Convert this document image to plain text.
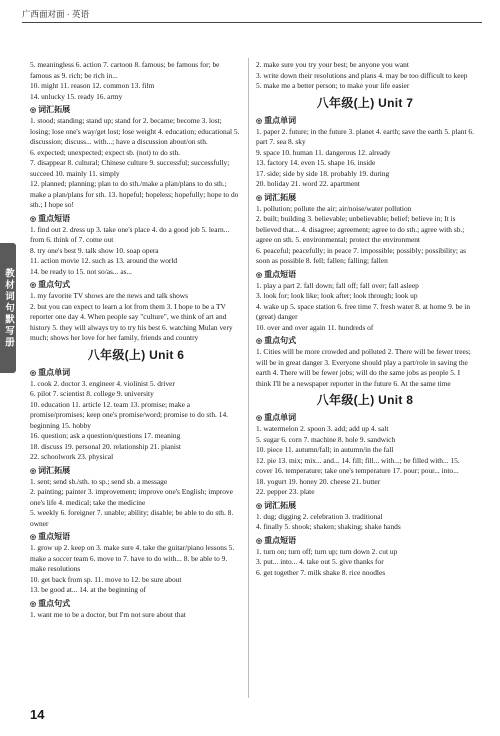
广西面对面 · 英语
教材词句默写册
5. meaningless 6. action 7. cartoon 8. famous; be famous for; be famous as 9. rich; be rich in...
10. might 11. reason 12. common 13. film
14. unlucky 15. ready 16. army
◎ 词汇拓展
1. stood; standing; stand up; stand for 2. became; become 3. lost; losing; lose one's way/get lost; lose weight 4. education; educational 5. discussion; discuss... with...; have a discussion about/on sth.
6. expected; unexpected; expect sb. (not) to do sth.
7. disappear 8. cultural; Chinese culture 9. successful; successfully; succeed 10. mainly 11. simply
12. planned; planning; plan to do sth./make a plan/plans to do sth.; make a plan/plans for sth. 13. hopeful; hopeless; hopefully; hope to do sth.; I hope so!
◎ 重点短语
1. find out 2. dress up 3. take one's place 4. do a good job 5. learn... from 6. think of 7. come out
8. try one's best 9. talk show 10. soap opera
11. action movie 12. such as 13. around the world
14. be ready to 15. not so/as... as...
◎ 重点句式
1. my favorite TV shows are the news and talk shows
2. but you can expect to learn a lot from them 3. I hope to be a TV reporter one day 4. When people say "culture", we think of art and history 5. they will always try to try his best 6. watching Mulan very much; shows her love for her family, friends and country
八年级(上) Unit 6
◎ 重点单词
1. cook 2. doctor 3. engineer 4. violinist 5. driver
6. pilot 7. scientist 8. college 9. university
10. education 11. article 12. team 13. promise; make a promise/promises; keep one's promise/word; promise to do sth. 14. beginning 15. hobby
16. question; ask a question/questions 17. meaning
18. discuss 19. personal 20. relationship 21. pianist
22. schoolwork 23. physical
◎ 词汇拓展
1. sent; send sb./sth. to sp.; send sb. a message
2. painting; painter 3. improvement; improve one's English; improve one's life 4. medical; take the medicine
5. weekly 6. foreigner 7. unable; ability; disable; be able to do sth. 8. owner
◎ 重点短语
1. grow up 2. keep on 3. make sure 4. take the guitar/piano lessons 5. make a soccer team 6. move to 7. have to do with... 8. be able to 9. make resolutions
10. get back from sp. 11. move to 12. be sure about
13. be good at... 14. at the beginning of
◎ 重点句式
1. want me to be a doctor, but I'm not sure about that
2. make sure you try your best; be anyone you want
3. write down their resolutions and plans 4. may be too difficult to keep 5. make me a better person; to make your life easier
八年级(上) Unit 7
◎ 重点单词
1. paper 2. future; in the future 3. planet 4. earth; save the earth 5. plant 6. part 7. sea 8. sky
9. space 10. human 11. dangerous 12. already
13. factory 14. even 15. shape 16. inside
17. side; side by side 18. probably 19. during
20. holiday 21. word 22. apartment
◎ 词汇拓展
1. pollution; pollute the air; air/noise/water pollution
2. built; building 3. believable; unbelievable; belief; believe in; It is believed that... 4. disagree; agreement; agree to do sth.; agree with sb.; agree on sth. 5. environmental; protect the environment
6. peaceful; peacefully; in peace 7. impossible; possibly; possibility; as soon as possible 8. fell; fallen; falling; fallen
◎ 重点短语
1. play a part 2. fall down; fall off; fall over; fall asleep
3. look for; look like; look after; look through; look up
4. wake up 5. space station 6. free time 7. fresh water 8. at home 9. be in (great) danger
10. over and over again 11. hundreds of
◎ 重点句式
1. Cities will be more crowded and polluted 2. There will be fewer trees; will be in great danger 3. Everyone should play a part/role in saving the earth 4. There will be fewer jobs; will do the same jobs as people 5. I think I'll be a newspaper reporter in the future 6. At the same time
八年级(上) Unit 8
◎ 重点单词
1. watermelon 2. spoon 3. add; add up 4. salt
5. sugar 6. corn 7. machine 8. hole 9. sandwich
10. piece 11. autumn/fall; in autumn/in the fall
12. pie 13. mix; mix... and... 14. fill; fill... with...; be filled with... 15. cover 16. temperature; take one's temperature 17. pour; pour... into...
18. yogurt 19. honey 20. cheese 21. butter
22. pepper 23. plate
◎ 词汇拓展
1. dug; digging 2. celebration 3. traditional
4. finally 5. shook; shaken; shaking; shake hands
◎ 重点短语
1. turn on; turn off; turn up; turn down 2. cut up
3. put... into... 4. take out 5. give thanks for
6. get together 7. milk shake 8. rice noodles
14
